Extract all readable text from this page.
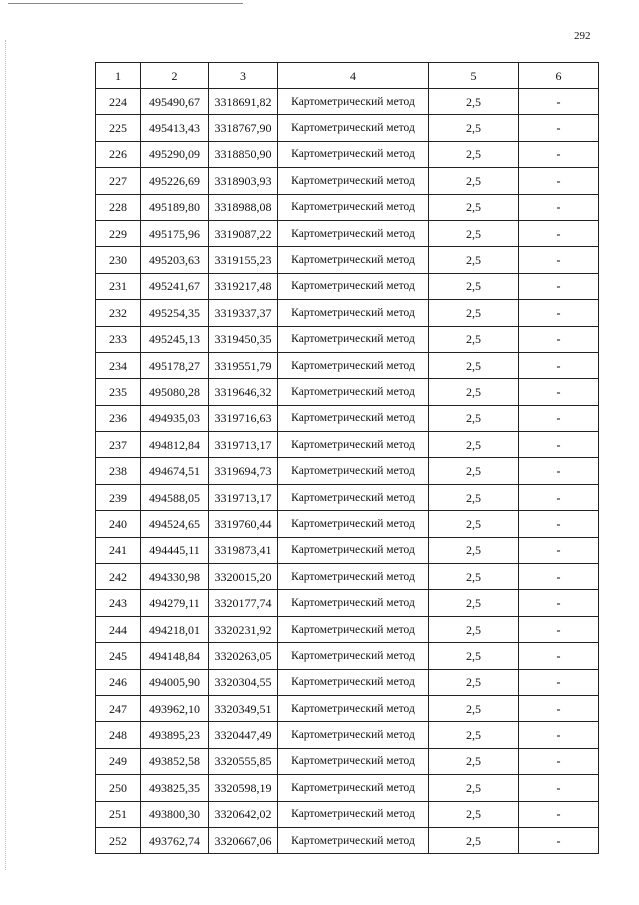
292
1	2	3	4	5	6
224	495490,67	3318691,82	Картометрический метод	2,5	-
225	495413,43	3318767,90	Картометрический метод	2,5	-
226	495290,09	3318850,90	Картометрический метод	2,5	-
227	495226,69	3318903,93	Картометрический метод	2,5	-
228	495189,80	3318988,08	Картометрический метод	2,5	-
229	495175,96	3319087,22	Картометрический метод	2,5	-
230	495203,63	3319155,23	Картометрический метод	2,5	-
231	495241,67	3319217,48	Картометрический метод	2,5	-
232	495254,35	3319337,37	Картометрический метод	2,5	-
233	495245,13	3319450,35	Картометрический метод	2,5	-
234	495178,27	3319551,79	Картометрический метод	2,5	-
235	495080,28	3319646,32	Картометрический метод	2,5	-
236	494935,03	3319716,63	Картометрический метод	2,5	-
237	494812,84	3319713,17	Картометрический метод	2,5	-
238	494674,51	3319694,73	Картометрический метод	2,5	-
239	494588,05	3319713,17	Картометрический метод	2,5	-
240	494524,65	3319760,44	Картометрический метод	2,5	-
241	494445,11	3319873,41	Картометрический метод	2,5	-
242	494330,98	3320015,20	Картометрический метод	2,5	-
243	494279,11	3320177,74	Картометрический метод	2,5	-
244	494218,01	3320231,92	Картометрический метод	2,5	-
245	494148,84	3320263,05	Картометрический метод	2,5	-
246	494005,90	3320304,55	Картометрический метод	2,5	-
247	493962,10	3320349,51	Картометрический метод	2,5	-
248	493895,23	3320447,49	Картометрический метод	2,5	-
249	493852,58	3320555,85	Картометрический метод	2,5	-
250	493825,35	3320598,19	Картометрический метод	2,5	-
251	493800,30	3320642,02	Картометрический метод	2,5	-
252	493762,74	3320667,06	Картометрический метод	2,5	-
